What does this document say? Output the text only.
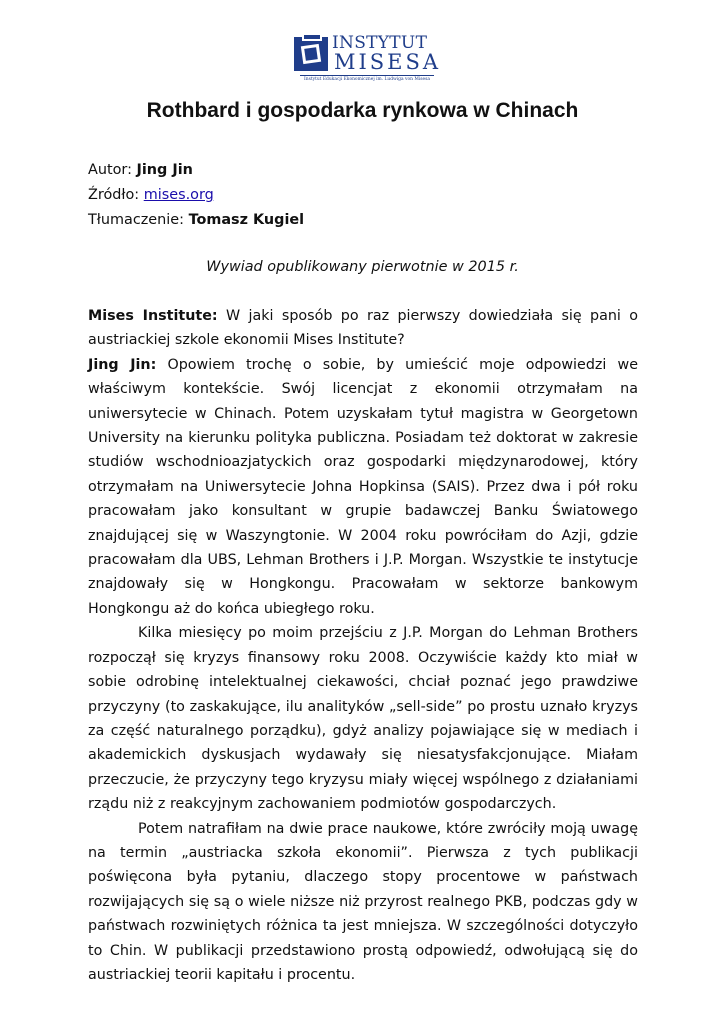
INSTYTUT
MISESA
Instytut Edukacji Ekonomicznej im. Ludwiga von Misesa
Rothbard i gospodarka rynkowa w Chinach
Autor: Jing Jin
Źródło: mises.org
Tłumaczenie: Tomasz Kugiel
Wywiad opublikowany pierwotnie w 2015 r.

Mises Institute: W jaki sposób po raz pierwszy dowiedziała się pani o austriackiej szkole ekonomii Mises Institute?

Jing Jin: Opowiem trochę o sobie, by umieścić moje odpowiedzi we właściwym kontekście. Swój licencjat z ekonomii otrzymałam na uniwersytecie w Chinach. Potem uzyskałam tytuł magistra w Georgetown University na kierunku polityka publiczna. Posiadam też doktorat w zakresie studiów wschodnioazjatyckich oraz gospodarki międzynarodowej, który otrzymałam na Uniwersytecie Johna Hopkinsa (SAIS). Przez dwa i pół roku pracowałam jako konsultant w grupie badawczej Banku Światowego znajdującej się w Waszyngtonie. W 2004 roku powróciłam do Azji, gdzie pracowałam dla UBS, Lehman Brothers i J.P. Morgan. Wszystkie te instytucje znajdowały się w Hongkongu. Pracowałam w sektorze bankowym Hongkongu aż do końca ubiegłego roku.

Kilka miesięcy po moim przejściu z J.P. Morgan do Lehman Brothers rozpoczął się kryzys finansowy roku 2008. Oczywiście każdy kto miał w sobie odrobinę intelektualnej ciekawości, chciał poznać jego prawdziwe przyczyny (to zaskakujące, ilu analityków „sell-side” po prostu uznało kryzys za część naturalnego porządku), gdyż analizy pojawiające się w mediach i akademickich dyskusjach wydawały się niesatysfakcjonujące. Miałam przeczucie, że przyczyny tego kryzysu miały więcej wspólnego z działaniami rządu niż z reakcyjnym zachowaniem podmiotów gospodarczych.

Potem natrafiłam na dwie prace naukowe, które zwróciły moją uwagę na termin „austriacka szkoła ekonomii”. Pierwsza z tych publikacji poświęcona była pytaniu, dlaczego stopy procentowe w państwach rozwijających się są o wiele niższe niż przyrost realnego PKB, podczas gdy w państwach rozwiniętych różnica ta jest mniejsza. W szczególności dotyczyło to Chin. W publikacji przedstawiono prostą odpowiedź, odwołującą się do austriackiej teorii kapitału i procentu.
